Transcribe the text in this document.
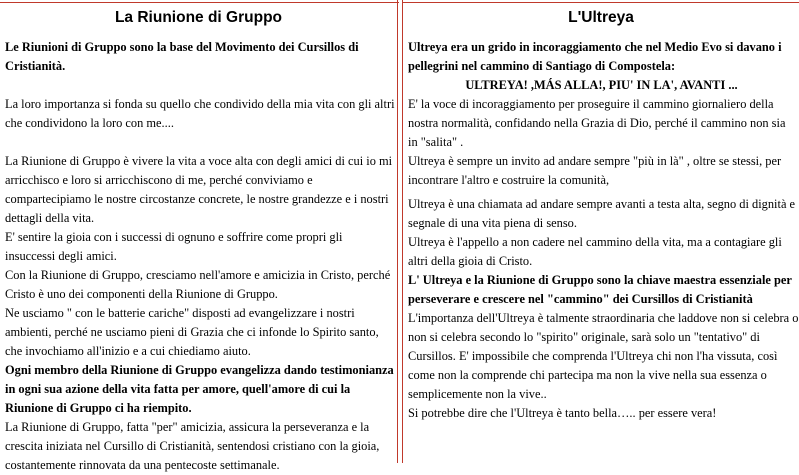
La Riunione di Gruppo
Le Riunioni di Gruppo sono la base del Movimento dei Cursillos di
Cristianità.
La loro importanza si fonda su quello che condivido della mia vita con gli altri
che condividono la loro con me....
La Riunione di Gruppo è vivere la vita a voce alta con degli amici di cui io mi
arricchisco e loro si arricchiscono di me, perché conviviamo e
compartecipiamo le nostre circostanze concrete, le nostre grandezze e i nostri
dettagli della vita.
E' sentire la gioia con i successi di ognuno e soffrire come propri gli
insuccessi degli amici.
Con la Riunione di Gruppo, cresciamo nell'amore e amicizia in Cristo, perché
Cristo è uno dei componenti della Riunione di Gruppo.
Ne usciamo " con le batterie cariche" disposti ad evangelizzare i nostri
ambienti, perché ne usciamo pieni di Grazia che ci infonde lo Spirito santo,
che invochiamo all'inizio e a cui chiediamo aiuto.
Ogni membro della Riunione di Gruppo evangelizza dando testimonianza
in ogni sua azione della vita fatta per amore, quell'amore di cui la
Riunione di Gruppo ci ha riempito.
La Riunione di Gruppo, fatta "per" amicizia, assicura la perseveranza e la
crescita iniziata nel Cursillo di Cristianità, sentendosi cristiano con la gioia,
costantemente rinnovata da una pentecoste settimanale.
L'Ultreya
Ultreya era un grido in incoraggiamento che nel Medio Evo si davano i
pellegrini nel cammino di Santiago di Compostela:
ULTREYA! ,MÁS ALLA!, PIU' IN LA', AVANTI ...
E' la voce di incoraggiamento per proseguire il cammino giornaliero della
nostra normalità, confidando nella Grazia di Dio, perché il cammino non sia
in "salita" .
Ultreya è sempre un invito ad andare sempre "più in là" , oltre se stessi, per
incontrare l'altro e costruire la comunità,
Ultreya è una chiamata ad andare sempre avanti a testa alta, segno di dignità e
segnale di una vita piena di senso.
Ultreya è l'appello a non cadere nel cammino della vita, ma a contagiare gli
altri della gioia di Cristo.
L' Ultreya e la Riunione di Gruppo sono la chiave maestra essenziale per
perseverare e crescere nel "cammino" dei Cursillos di Cristianità
L'importanza dell'Ultreya è talmente straordinaria che laddove non si celebra o
non si celebra secondo lo "spirito" originale, sarà solo un "tentativo" di
Cursillos. E' impossibile che comprenda l'Ultreya chi non l'ha vissuta, così
come non la comprende chi partecipa ma non la vive nella sua essenza o
semplicemente non la vive..
Si potrebbe dire che l'Ultreya è tanto bella….. per essere vera!
